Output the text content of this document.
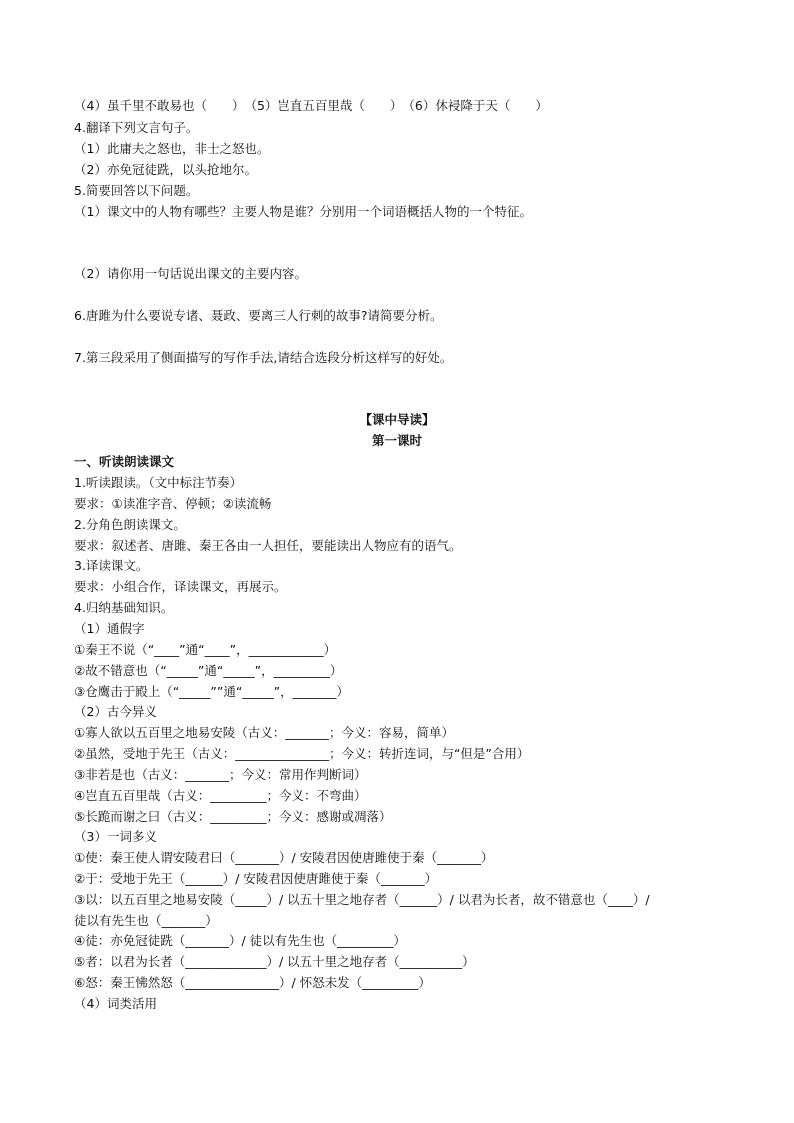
（4）虽千里不敢易也（　　）　（5）岂直五百里哉（　　）　（6）休祲降于天（　　）
4.翻译下列文言句子。
（1）此庸夫之怒也，非士之怒也。
（2）亦免冠徒跣，以头抢地尔。
5.简要回答以下问题。
（1）课文中的人物有哪些？主要人物是谁？分别用一个词语概括人物的一个特征。
（2）请你用一句话说出课文的主要内容。
6.唐雎为什么要说专诸、聂政、要离三人行刺的故事?请简要分析。
7.第三段采用了侧面描写的写作手法,请结合选段分析这样写的好处。
【课中导读】
第一课时
一、听读朗读课文
1.听读跟读。（文中标注节奏）
要求：①读准字音、停顿；②读流畅
2.分角色朗读课文。
要求：叙述者、唐雎、秦王各由一人担任，要能读出人物应有的语气。
3.译读课文。
要求：小组合作，译读课文，再展示。
4.归纳基础知识。
（1）通假字
①秦王不说（“____”通“____”，____________）
②故不错意也（“_____”通“_____”，_________）
③仓鹰击于殿上（“_____””通“_____”，_______）
（2）古今异义
①寡人欲以五百里之地易安陵（古义：_______；今义：容易，简单）
②虽然，受地于先王（古义：_______________；今义：转折连词，与“但是”合用）
③非若是也（古义：_______；今义：常用作判断词）
④岂直五百里哉（古义：_________；今义：不弯曲）
⑤长跪而谢之曰（古义：_________；今义：感谢或凋落）
（3）一词多义
①使：秦王使人谓安陵君曰（_______）/ 安陵君因使唐雎使于秦（_______）
②于：受地于先王（______）/ 安陵君因使唐雎使于秦（_______）
③以：以五百里之地易安陵（_____）/ 以五十里之地存者（______）/ 以君为长者，故不错意也（____）/
徒以有先生也（_______）
④徒：亦免冠徒跣（_______）/ 徒以有先生也（_________）
⑤者：以君为长者（_____________）/ 以五十里之地存者（__________）
⑥怒：秦王怫然怒（_______________）/ 怀怒未发（_________）
（4）词类活用
